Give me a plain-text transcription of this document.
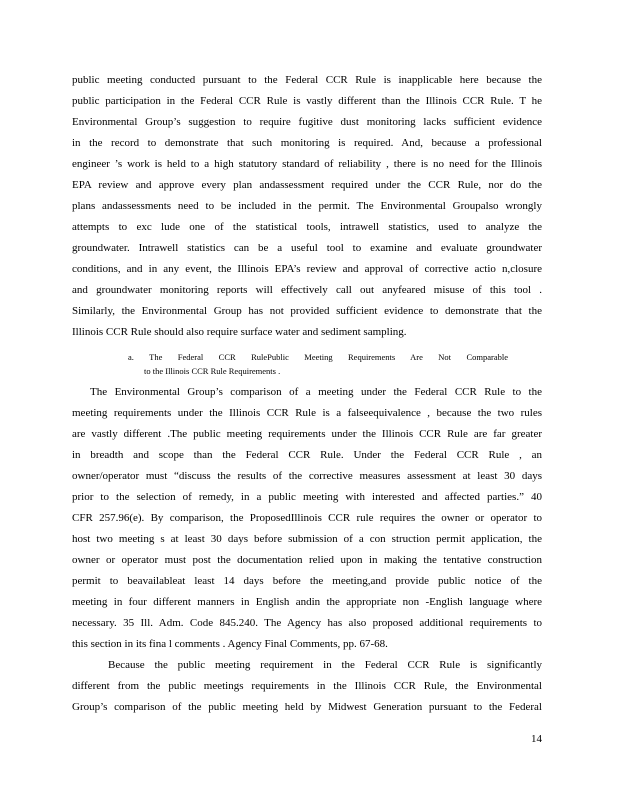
public meeting conducted pursuant to the Federal CCR Rule is inapplicable here because the
public participation in the Federal CCR Rule is vastly different than the Illinois CCR Rule. T he
Environmental Group’s suggestion to require fugitive dust monitoring lacks sufficient evidence
in the record to demonstrate that such monitoring is required. And, because a professional
engineer ’s work is held to a high statutory standard of reliability , there is no need for the Illinois
EPA review and approve every plan andassessment required under the CCR Rule, nor do the
plans andassessments need to be included in the permit. The Environmental Groupalso wrongly
attempts to exc lude one of the statistical tools, intrawell statistics, used to analyze the
groundwater. Intrawell statistics can be a useful tool to examine and evaluate groundwater
conditions, and in any event, the Illinois EPA’s review and approval of corrective actio n,closure
and groundwater monitoring reports will effectively call out anyfeared misuse of this tool .
Similarly, the Environmental Group has not provided sufficient evidence to demonstrate that the
Illinois CCR Rule should also require surface water and sediment sampling.
a. The Federal CCR RulePublic Meeting Requirements Are Not Comparable
to the Illinois CCR Rule Requirements .
The Environmental Group’s comparison of a meeting under the Federal CCR Rule to the
meeting requirements under the Illinois CCR Rule is a falseequivalence , because the two rules
are vastly different .The public meeting requirements under the Illinois CCR Rule are far greater
in breadth and scope than the Federal CCR Rule. Under the Federal CCR Rule , an
owner/operator must “discuss the results of the corrective measures assessment at least 30 days
prior to the selection of remedy, in a public meeting with interested and affected parties.” 40
CFR 257.96(e). By comparison, the ProposedIllinois CCR rule requires the owner or operator to
host two meeting s at least 30 days before submission of a con struction permit application, the
owner or operator must post the documentation relied upon in making the tentative construction
permit to beavailableat least 14 days before the meeting,and provide public notice of the
meeting in four different manners in English andin the appropriate non -English language where
necessary. 35 Ill. Adm. Code 845.240. The Agency has also proposed additional requirements to
this section in its fina l comments . Agency Final Comments, pp. 67-68.
Because the public meeting requirement in the Federal CCR Rule is significantly
different from the public meetings requirements in the Illinois CCR Rule, the Environmental
Group’s comparison of the public meeting held by Midwest Generation pursuant to the Federal
14
